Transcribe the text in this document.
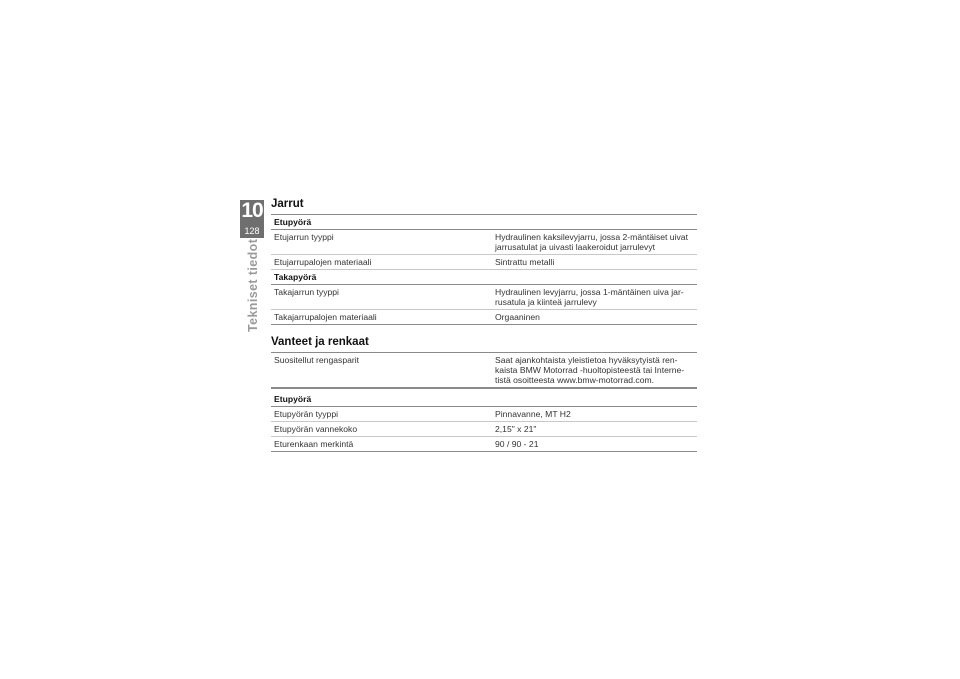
10
128
Tekniset tiedot
Jarrut
Etupyörä	
Etujarrun tyyppi	Hydraulinen kaksilevyjarru, jossa 2-mäntäiset uivat
jarrusatulat ja uivasti laakeroidut jarrulevyt

Etujarrupalojen materiaali	Sintrattu metalli
Takapyörä	
Takajarrun tyyppi	Hydraulinen levyjarru, jossa 1-mäntäinen uiva jar-
rusatula ja kiinteä jarrulevy

Takajarrupalojen materiaali	Orgaaninen
Vanteet ja renkaat
Suositellut rengasparit	Saat ajankohtaista yleistietoa hyväksytyistä ren-
kaista BMW Motorrad -huoltopisteestä tai Interne-
tistä osoitteesta www.bmw-motorrad.com.

Etupyörä	
Etupyörän tyyppi	Pinnavanne, MT H2
Etupyörän vannekoko	2,15" x 21"
Eturenkaan merkintä	90 / 90 - 21
